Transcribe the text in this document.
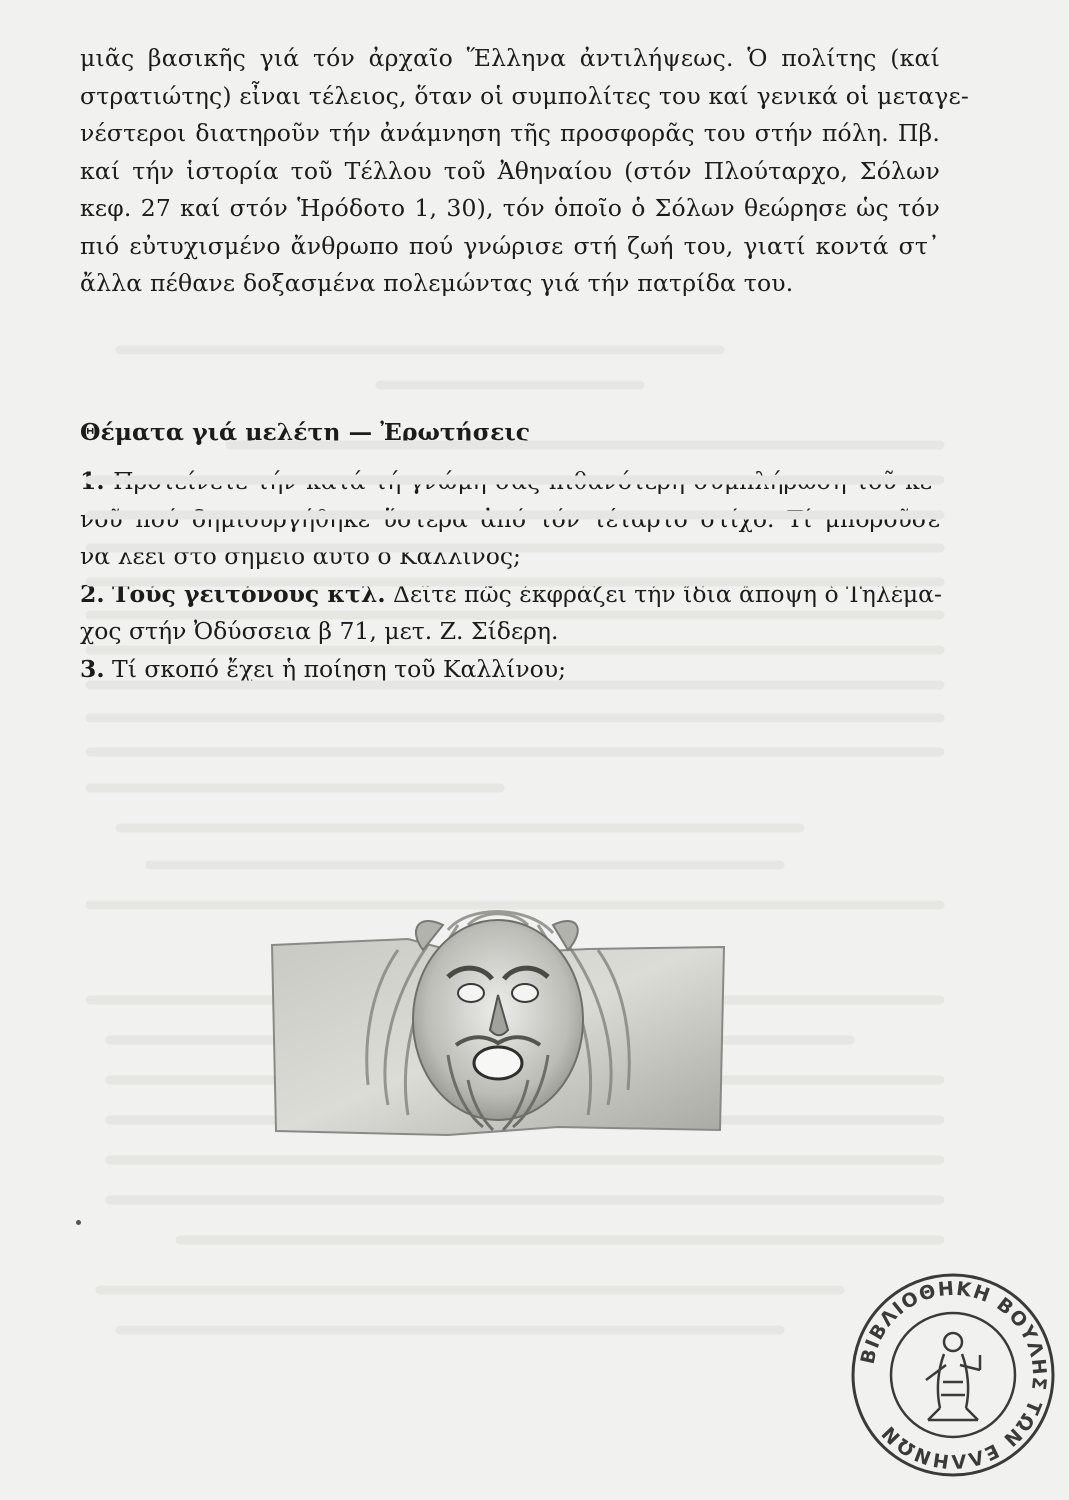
μιᾶς βασικῆς γιά τόν ἀρχαῖο Ἕλληνα ἀντιλήψεως. Ὁ πολίτης (καί
στρατιώτης) εἶναι τέλειος, ὅταν οἱ συμπολίτες του καί γενικά οἱ μεταγε-
νέστεροι διατηροῦν τήν ἀνάμνηση τῆς προσφορᾶς του στήν πόλη. Πβ.
καί τήν ἱστορία τοῦ Τέλλου τοῦ Ἀθηναίου (στόν Πλούταρχο, Σόλων
κεφ. 27 καί στόν Ἡρόδοτο 1, 30), τόν ὁποῖο ὁ Σόλων θεώρησε ὡς τόν
πιό εὐτυχισμένο ἄνθρωπο πού γνώρισε στή ζωή του, γιατί κοντά στ᾽
ἄλλα πέθανε δοξασμένα πολεμώντας γιά τήν πατρίδα του.
Θέματα γιά μελέτη — Ἐρωτήσεις
1. Προτείνετε τήν κατά τή γνώμη σας πιθανότερη συμπλήρωση τοῦ κε-
νοῦ πού δημιουργήθηκε ὕστερα ἀπό τόν τέταρτο στίχο. Τί μποροῦσε
νά λέει στό σημεῖο αὐτό ὁ Καλλῖνος;
2. Τούς γειτόνους κτλ. Δεῖτε πῶς ἐκφράζει τήν ἴδια ἄποψη ὁ Τηλέμα-
χος στήν Ὀδύσσεια β 71, μετ. Ζ. Σίδερη.
3. Τί σκοπό ἔχει ἡ ποίηση τοῦ Καλλίνου;
ΒΙΒΛΙΟΘΗΚΗ ΒΟΥΛΗΣ ΤΩΝ ΕΛΛΗΝΩΝ
